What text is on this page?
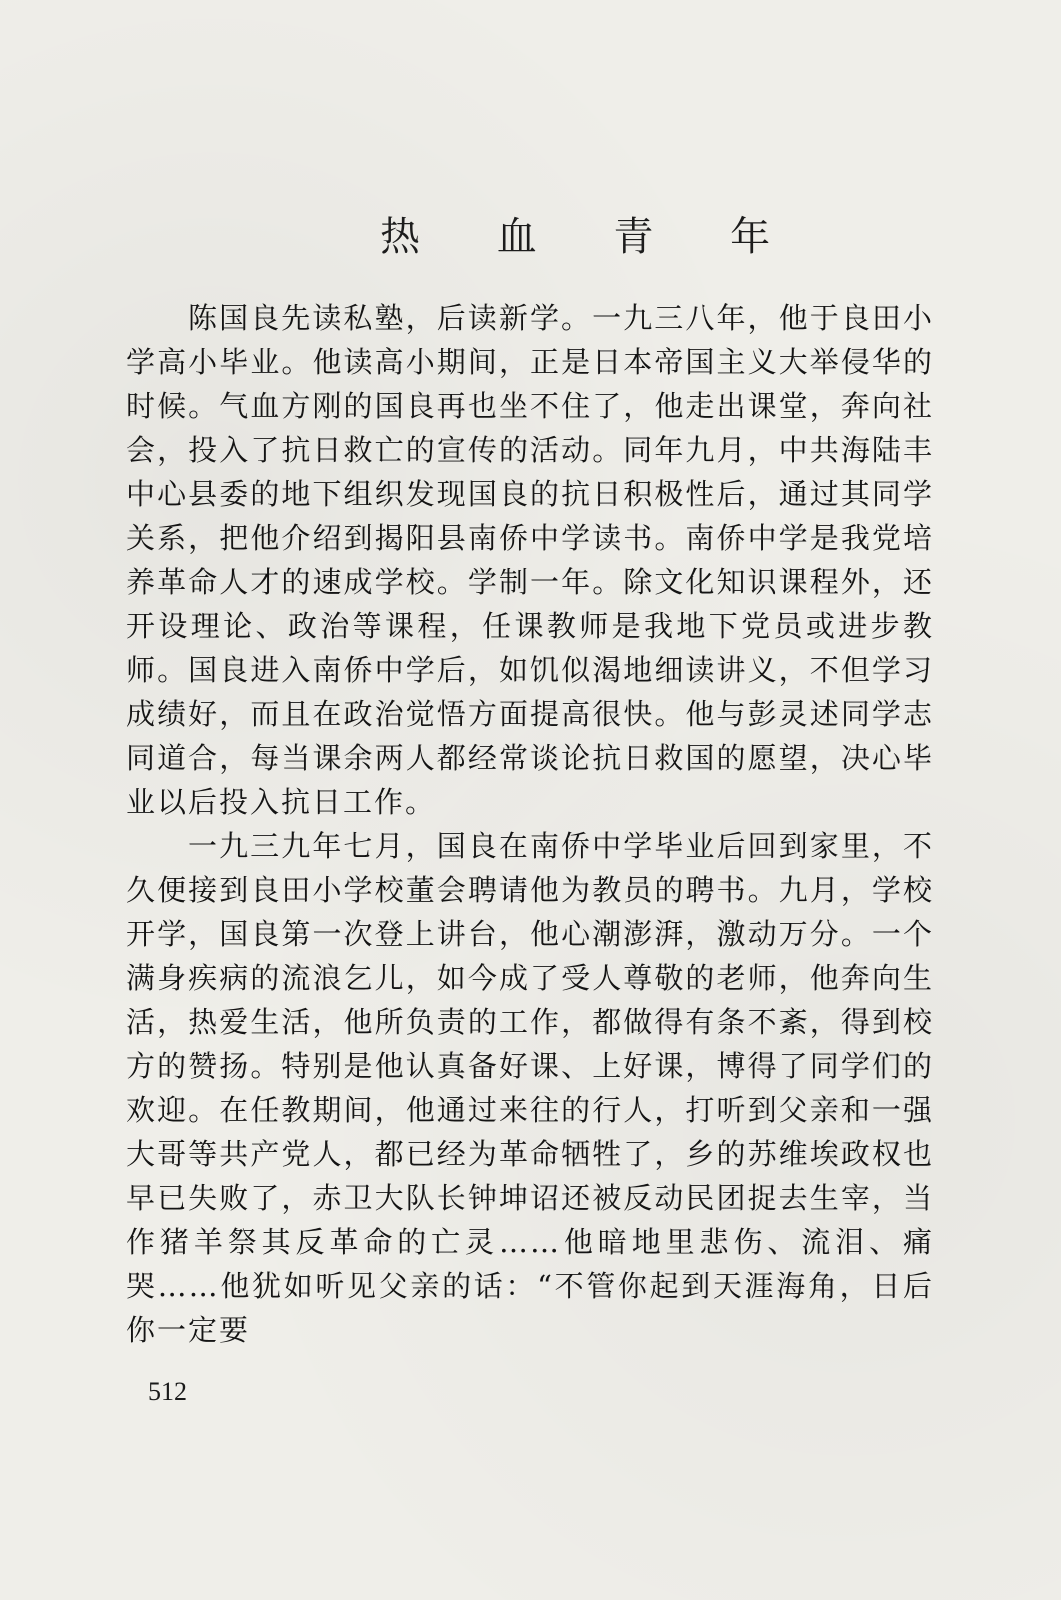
热 血 青 年

陈国良先读私塾，后读新学。一九三八年，他于良田小学高小毕业。他读高小期间，正是日本帝国主义大举侵华的时候。气血方刚的国良再也坐不住了，他走出课堂，奔向社会，投入了抗日救亡的宣传的活动。同年九月，中共海陆丰中心县委的地下组织发现国良的抗日积极性后，通过其同学关系，把他介绍到揭阳县南侨中学读书。南侨中学是我党培养革命人才的速成学校。学制一年。除文化知识课程外，还开设理论、政治等课程，任课教师是我地下党员或进步教师。国良进入南侨中学后，如饥似渴地细读讲义，不但学习成绩好，而且在政治觉悟方面提高很快。他与彭灵述同学志同道合，每当课余两人都经常谈论抗日救国的愿望，决心毕业以后投入抗日工作。

一九三九年七月，国良在南侨中学毕业后回到家里，不久便接到良田小学校董会聘请他为教员的聘书。九月，学校开学，国良第一次登上讲台，他心潮澎湃，激动万分。一个满身疾病的流浪乞儿，如今成了受人尊敬的老师，他奔向生活，热爱生活，他所负责的工作，都做得有条不紊，得到校方的赞扬。特别是他认真备好课、上好课，博得了同学们的欢迎。在任教期间，他通过来往的行人，打听到父亲和一强大哥等共产党人，都已经为革命牺牲了，乡的苏维埃政权也早已失败了，赤卫大队长钟坤诏还被反动民团捉去生宰，当作猪羊祭其反革命的亡灵……他暗地里悲伤、流泪、痛哭……他犹如听见父亲的话：“不管你起到天涯海角，日后你一定要

512
